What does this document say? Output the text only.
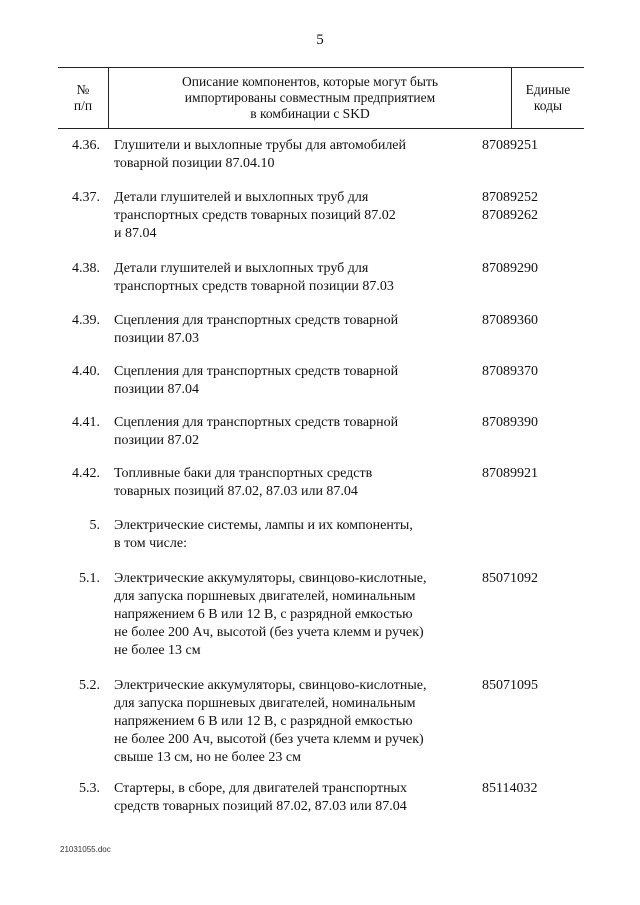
5
№
п/п
Описание компонентов, которые могут быть
импортированы совместным предприятием
в комбинации с SKD
Единые коды
4.36. Глушители и выхлопные трубы для автомобилей
товарной позиции 87.04.10
87089251
4.37. Детали глушителей и выхлопных труб для
транспортных средств товарных позиций 87.02
и 87.04
87089252
87089262
4.38. Детали глушителей и выхлопных труб для
транспортных средств товарной позиции 87.03
87089290
4.39. Сцепления для транспортных средств товарной
позиции 87.03
87089360
4.40. Сцепления для транспортных средств товарной
позиции 87.04
87089370
4.41. Сцепления для транспортных средств товарной
позиции 87.02
87089390
4.42. Топливные баки для транспортных средств
товарных позиций 87.02, 87.03 или 87.04
87089921
5. Электрические системы, лампы и их компоненты,
в том числе:
5.1. Электрические аккумуляторы, свинцово-кислотные,
для запуска поршневых двигателей, номинальным
напряжением 6 В или 12 В, с разрядной емкостью
не более 200 Ач, высотой (без учета клемм и ручек)
не более 13 см
85071092
5.2. Электрические аккумуляторы, свинцово-кислотные,
для запуска поршневых двигателей, номинальным
напряжением 6 В или 12 В, с разрядной емкостью
не более 200 Ач, высотой (без учета клемм и ручек)
свыше 13 см, но не более 23 см
85071095
5.3. Стартеры, в сборе, для двигателей транспортных
средств товарных позиций 87.02, 87.03 или 87.04
85114032
21031055.doc
